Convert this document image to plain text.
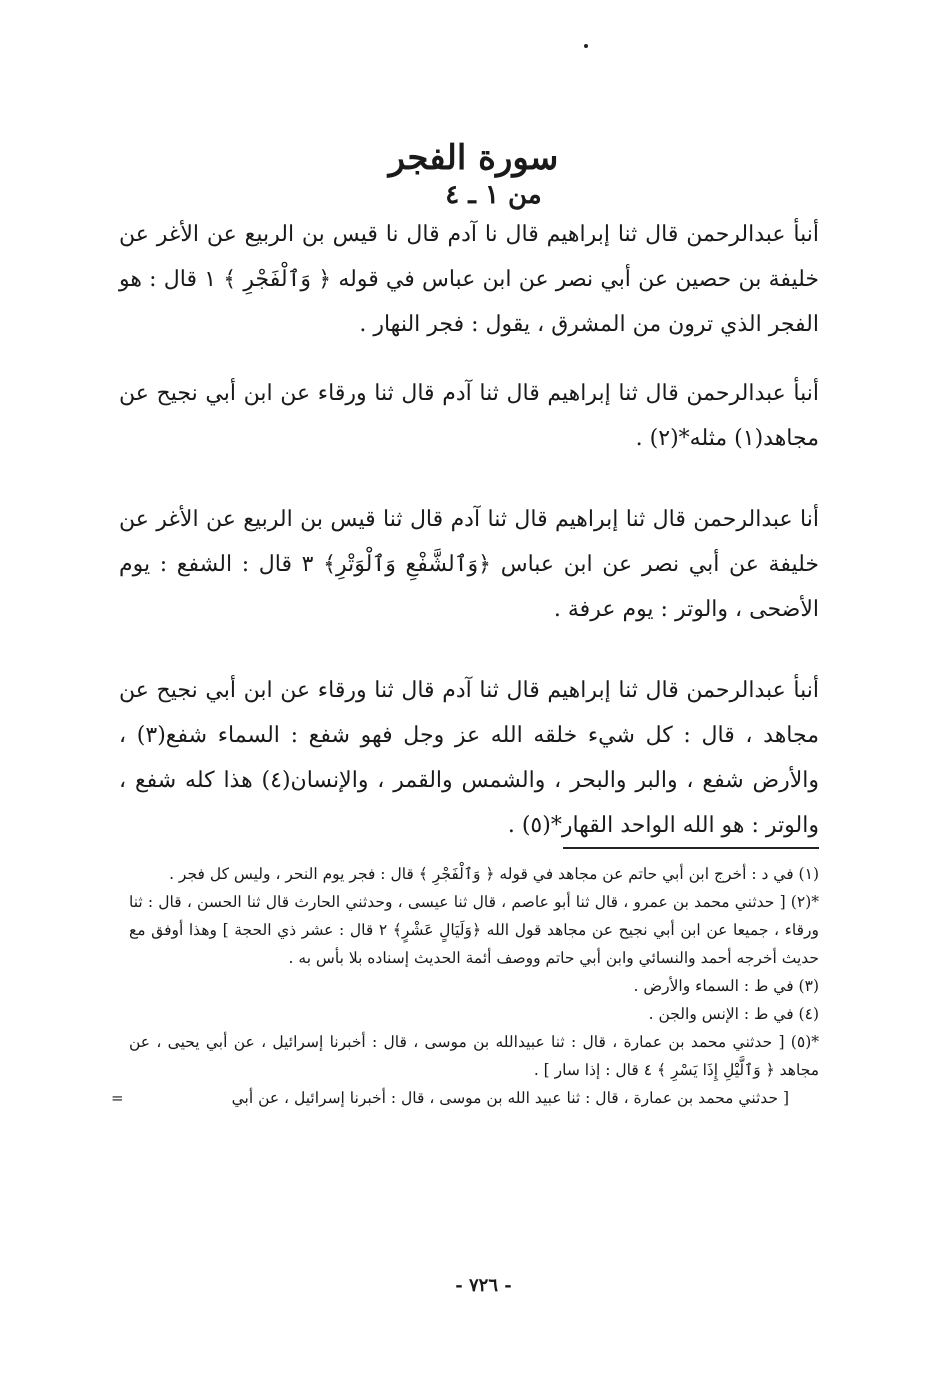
سورة الفجر
من ١ ـ ٤

أنبأ عبدالرحمن قال ثنا إبراهيم قال نا آدم قال نا قيس بن الربيع عن الأغر عن خليفة بن حصين عن أبي نصر عن ابن عباس في قوله ﴿ وَٱلْفَجْرِ ﴾ ١ قال : هو الفجر الذي ترون من المشرق ، يقول : فجر النهار .

أنبأ عبدالرحمن قال ثنا إبراهيم قال ثنا آدم قال ثنا ورقاء عن ابن أبي نجيح عن مجاهد(١) مثله*(٢) .

أنا عبدالرحمن قال ثنا إبراهيم قال ثنا آدم قال ثنا قيس بن الربيع عن الأغر عن خليفة عن أبي نصر عن ابن عباس ﴿وَٱلشَّفْعِ وَٱلْوَتْرِ﴾ ٣ قال : الشفع : يوم الأضحى ، والوتر : يوم عرفة .

أنبأ عبدالرحمن قال ثنا إبراهيم قال ثنا آدم قال ثنا ورقاء عن ابن أبي نجيح عن مجاهد ، قال : كل شيء خلقه الله عز وجل فهو شفع : السماء شفع(٣) ، والأرض شفع ، والبر والبحر ، والشمس والقمر ، والإنسان(٤) هذا كله شفع ، والوتر : هو الله الواحد القهار*(٥) .

(١) في د : أخرج ابن أبي حاتم عن مجاهد في قوله ﴿ وَٱلْفَجْرِ ﴾ قال : فجر يوم النحر ، وليس كل فجر .

*(٢) [ حدثني محمد بن عمرو ، قال ثنا أبو عاصم ، قال ثنا عيسى ، وحدثني الحارث قال ثنا الحسن ، قال : ثنا ورقاء ، جميعا عن ابن أبي نجيح عن مجاهد قول الله ﴿وَلَيَالٍ عَشْرٍ﴾ ٢ قال : عشر ذي الحجة ] وهذا أوفق مع حديث أخرجه أحمد والنسائي وابن أبي حاتم ووصف أئمة الحديث إسناده بلا بأس به .

(٣) في ط : السماء والأرض .

(٤) في ط : الإنس والجن .

*(٥) [ حدثني محمد بن عمارة ، قال : ثنا عبيدالله بن موسى ، قال : أخبرنا إسرائيل ، عن أبي يحيى ، عن مجاهد ﴿ وَٱلَّيْلِ إِذَا يَسْرِ ﴾ ٤ قال : إذا سار ] .

[ حدثني محمد بن عمارة ، قال : ثنا عبيد الله بن موسى ، قال : أخبرنا إسرائيل ، عن أبي
=

- ٧٢٦ -
